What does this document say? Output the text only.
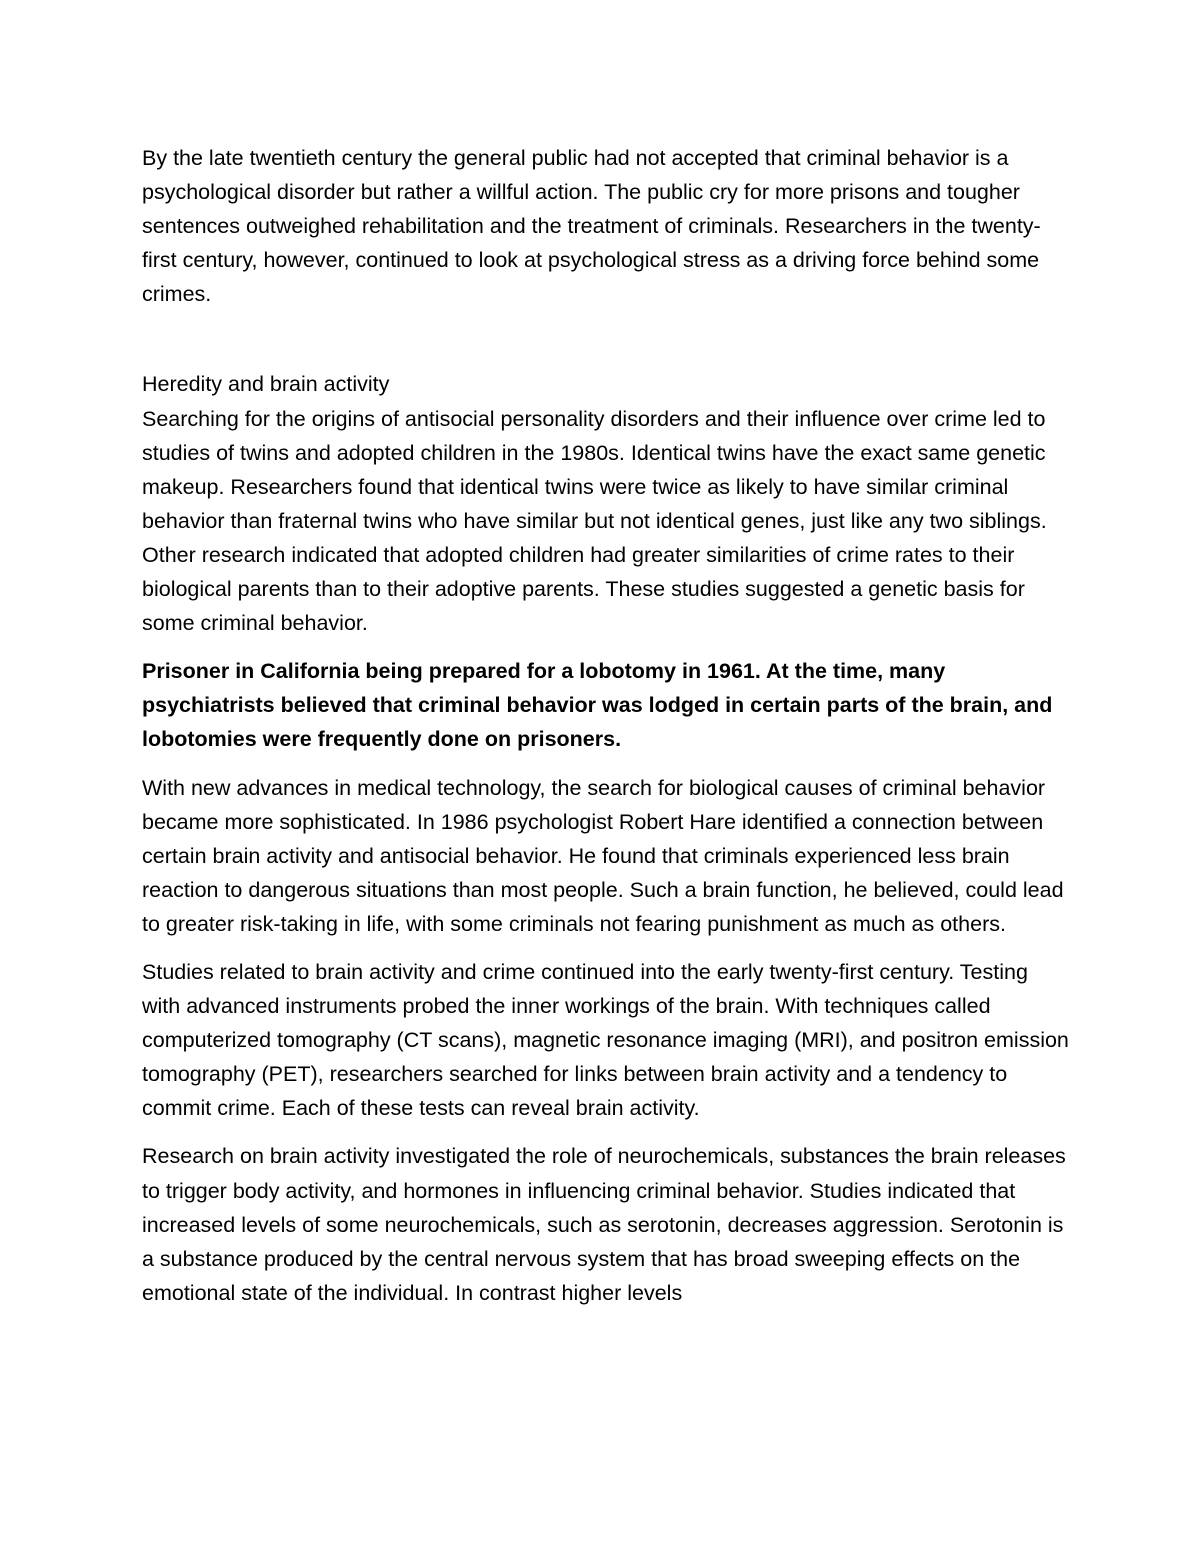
By the late twentieth century the general public had not accepted that criminal behavior is a psychological disorder but rather a willful action. The public cry for more prisons and tougher sentences outweighed rehabilitation and the treatment of criminals. Researchers in the twenty-first century, however, continued to look at psychological stress as a driving force behind some crimes.

Heredity and brain activity

Searching for the origins of antisocial personality disorders and their influence over crime led to studies of twins and adopted children in the 1980s. Identical twins have the exact same genetic makeup. Researchers found that identical twins were twice as likely to have similar criminal behavior than fraternal twins who have similar but not identical genes, just like any two siblings. Other research indicated that adopted children had greater similarities of crime rates to their biological parents than to their adoptive parents. These studies suggested a genetic basis for some criminal behavior.

Prisoner in California being prepared for a lobotomy in 1961. At the time, many psychiatrists believed that criminal behavior was lodged in certain parts of the brain, and lobotomies were frequently done on prisoners.

With new advances in medical technology, the search for biological causes of criminal behavior became more sophisticated. In 1986 psychologist Robert Hare identified a connection between certain brain activity and antisocial behavior. He found that criminals experienced less brain reaction to dangerous situations than most people. Such a brain function, he believed, could lead to greater risk-taking in life, with some criminals not fearing punishment as much as others.

Studies related to brain activity and crime continued into the early twenty-first century. Testing with advanced instruments probed the inner workings of the brain. With techniques called computerized tomography (CT scans), magnetic resonance imaging (MRI), and positron emission tomography (PET), researchers searched for links between brain activity and a tendency to commit crime. Each of these tests can reveal brain activity.

Research on brain activity investigated the role of neurochemicals, substances the brain releases to trigger body activity, and hormones in influencing criminal behavior. Studies indicated that increased levels of some neurochemicals, such as serotonin, decreases aggression. Serotonin is a substance produced by the central nervous system that has broad sweeping effects on the emotional state of the individual. In contrast higher levels
